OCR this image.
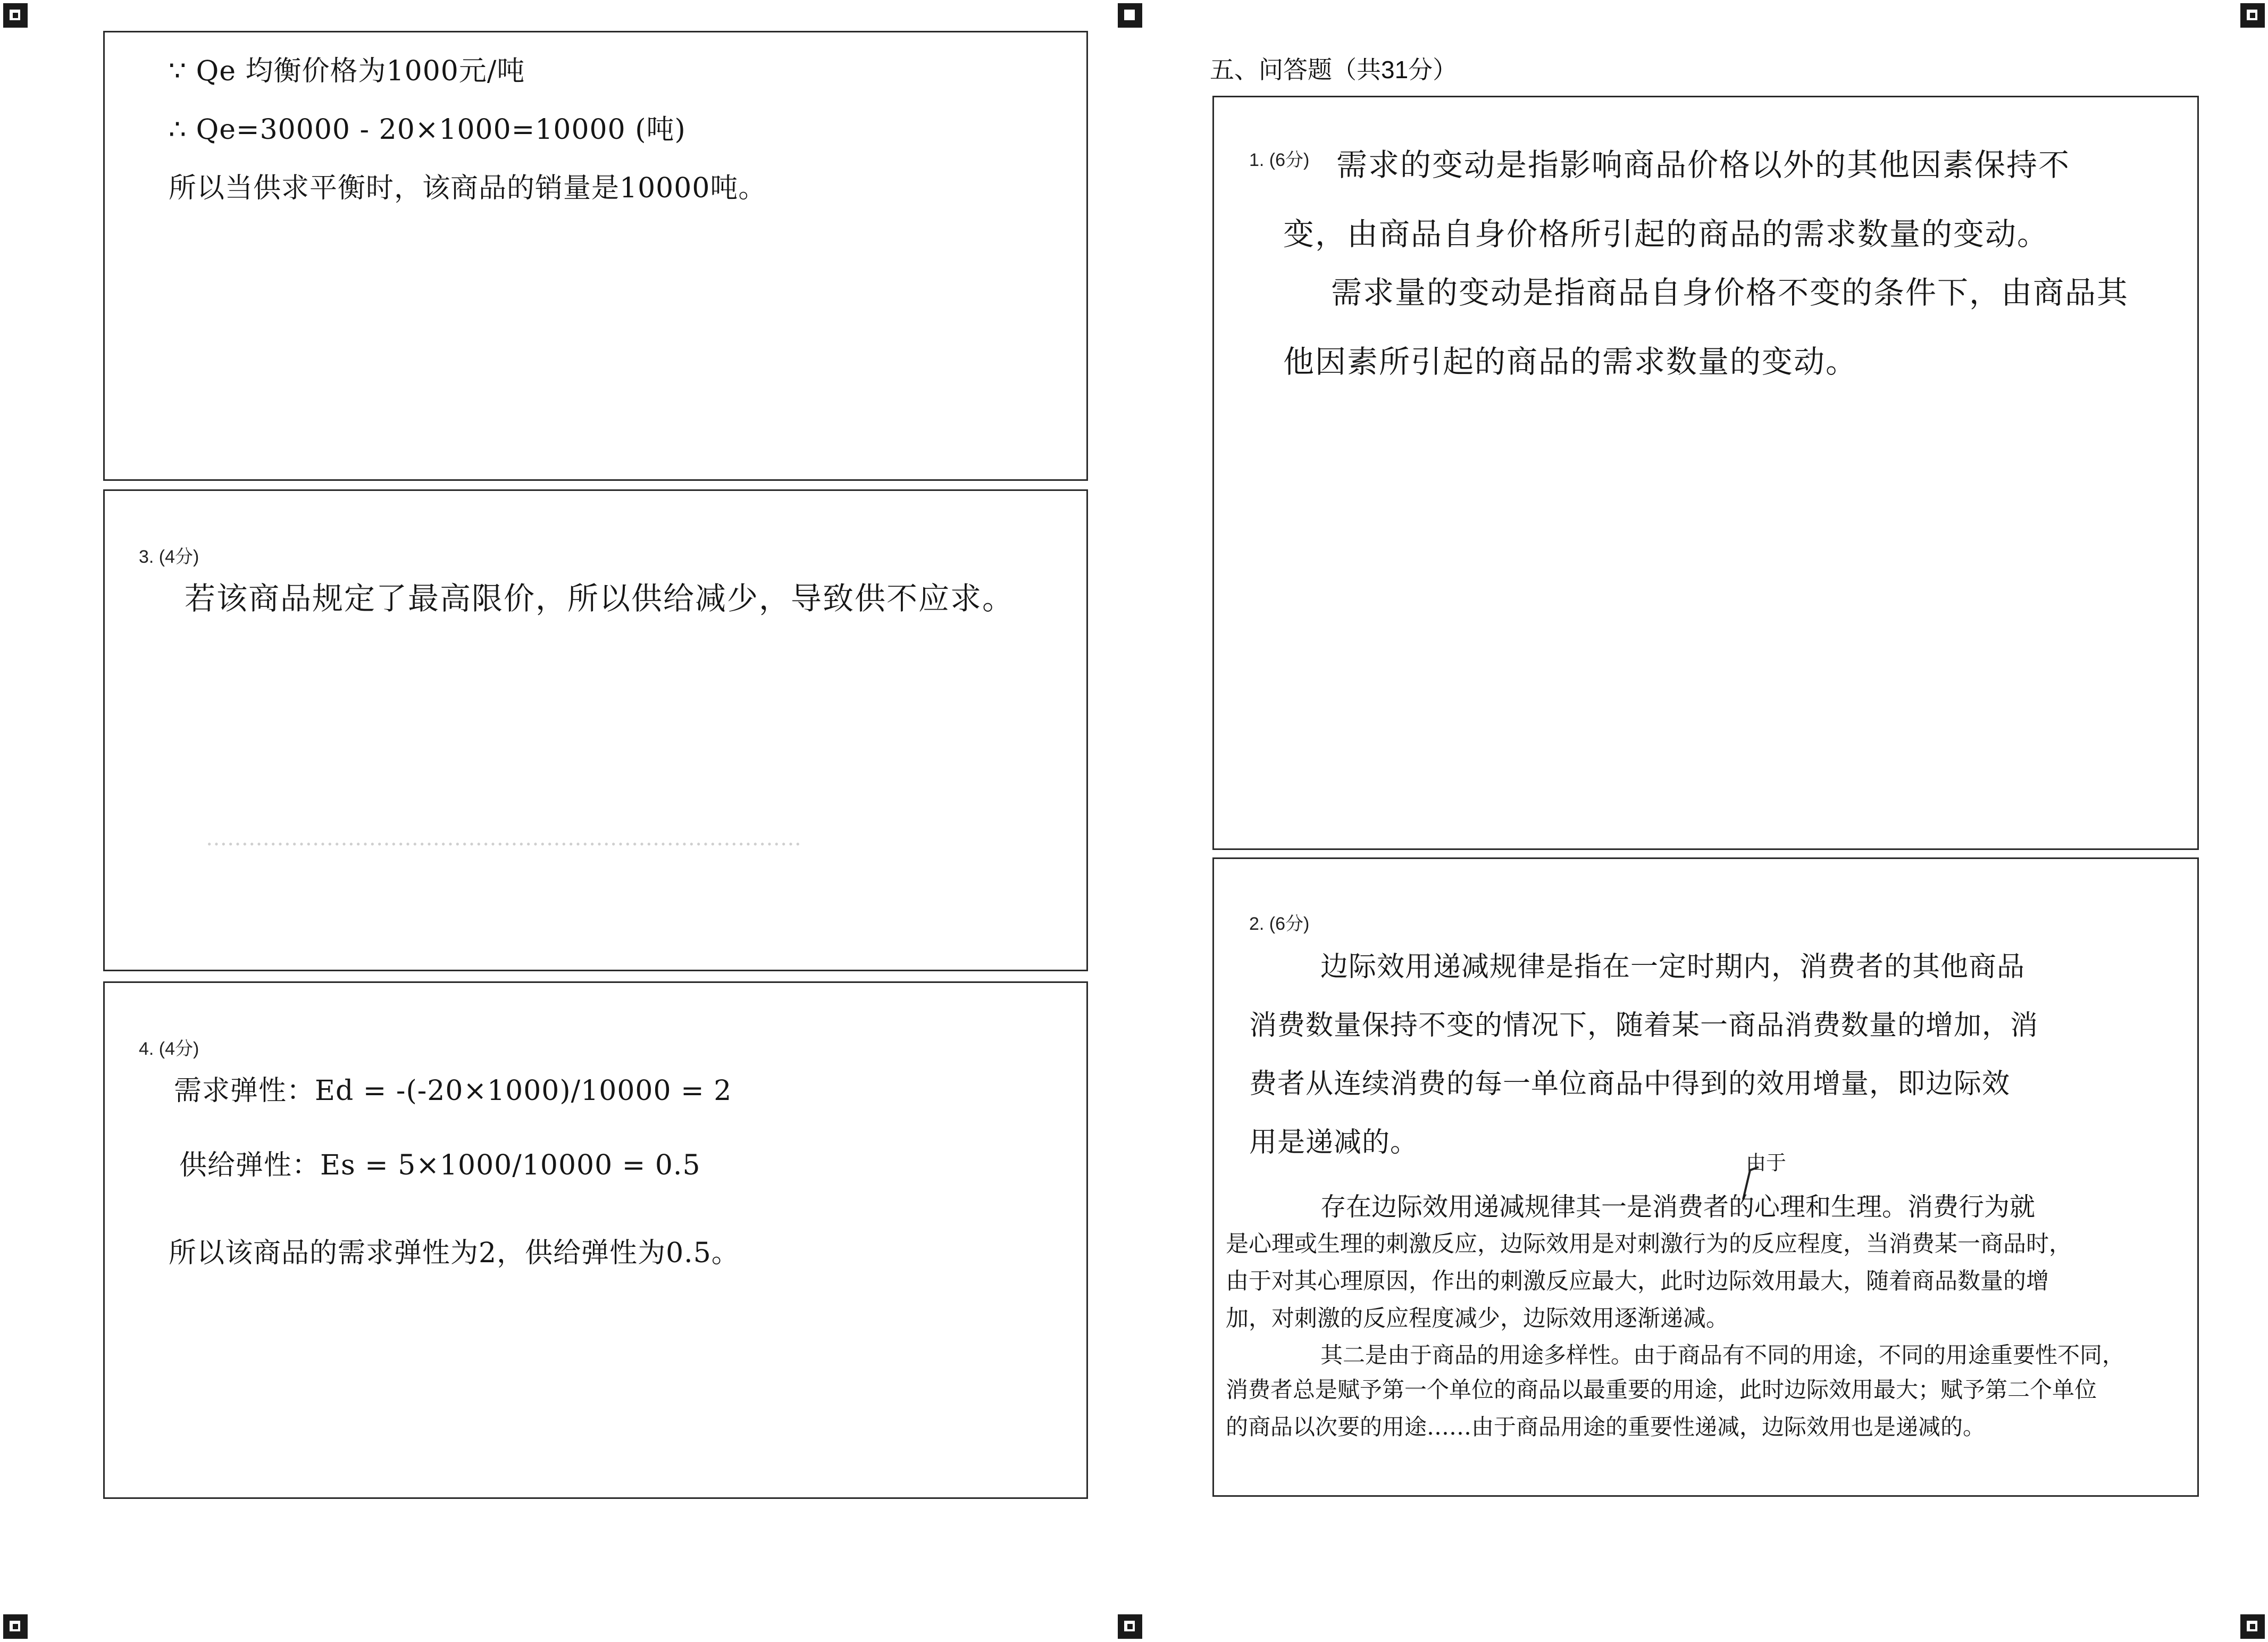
∵ Qe 均衡价格为1000元/吨
∴ Qe=30000 - 20×1000=10000 (吨)
所以当供求平衡时，该商品的销量是10000吨。
3. (4分)
若该商品规定了最高限价，所以供给减少，导致供不应求。
…………………………………………………………………………
4. (4分)
需求弹性：Ed = -(-20×1000)/10000 = 2
供给弹性：Es = 5×1000/10000 = 0.5
所以该商品的需求弹性为2，供给弹性为0.5。
五、问答题（共31分）
1. (6分) 需求的变动是指影响商品价格以外的其他因素保持不
变，由商品自身价格所引起的商品的需求数量的变动。
需求量的变动是指商品自身价格不变的条件下，由商品其
他因素所引起的商品的需求数量的变动。
2. (6分)
边际效用递减规律是指在一定时期内，消费者的其他商品
消费数量保持不变的情况下，随着某一商品消费数量的增加，消
费者从连续消费的每一单位商品中得到的效用增量，即边际效
用是递减的。
由于
存在边际效用递减规律其一是消费者的心理和生理。消费行为就
是心理或生理的刺激反应，边际效用是对刺激行为的反应程度，当消费某一商品时，
由于对其心理原因，作出的刺激反应最大，此时边际效用最大，随着商品数量的增
加，对刺激的反应程度减少，边际效用逐渐递减。
其二是由于商品的用途多样性。由于商品有不同的用途，不同的用途重要性不同，
消费者总是赋予第一个单位的商品以最重要的用途，此时边际效用最大；赋予第二个单位
的商品以次要的用途……由于商品用途的重要性递减，边际效用也是递减的。
